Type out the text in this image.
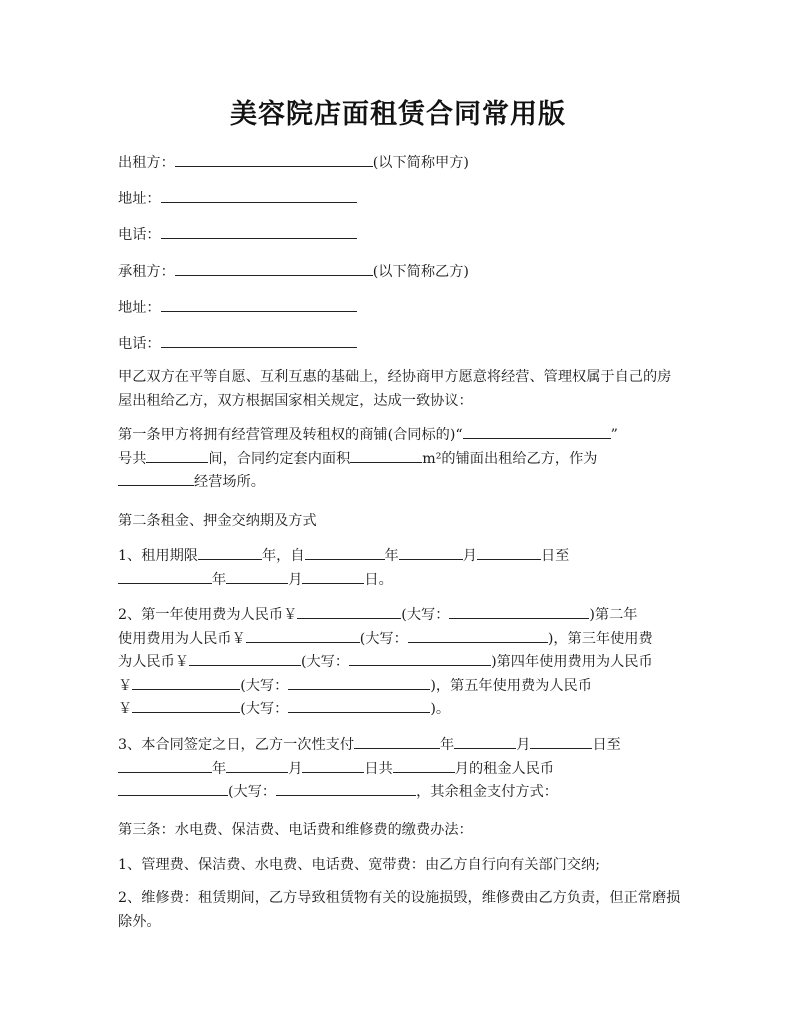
美容院店面租赁合同常用版
出租方：	(以下简称甲方)
地址：
电话：
承租方：	(以下简称乙方)
地址：
电话：
甲乙双方在平等自愿、互利互惠的基础上，经协商甲方愿意将经营、管理权属于自己的房屋出租给乙方，双方根据国家相关规定，达成一致协议：
第一条甲方将拥有经营管理及转租权的商铺(合同标的)“	”
号共	间，合同约定套内面积	m²的铺面出租给乙方，作为
经营场所。
第二条租金、押金交纳期及方式
1、租用期限	年，自	年	月	日至
年	月	日。
2、第一年使用费为人民币￥	(大写：	)第二年
使用费用为人民币￥	(大写：	)，第三年使用费
为人民币￥	(大写：	)第四年使用费用为人民币
￥	(大写：	)，第五年使用费为人民币
￥	(大写：	)。
3、本合同签定之日，乙方一次性支付	年	月	日至
年	月	日共	月的租金人民币
(大写：	，其余租金支付方式：
第三条：水电费、保洁费、电话费和维修费的缴费办法：
1、管理费、保洁费、水电费、电话费、宽带费：由乙方自行向有关部门交纳;
2、维修费：租赁期间，乙方导致租赁物有关的设施损毁，维修费由乙方负责，但正常磨损除外。
